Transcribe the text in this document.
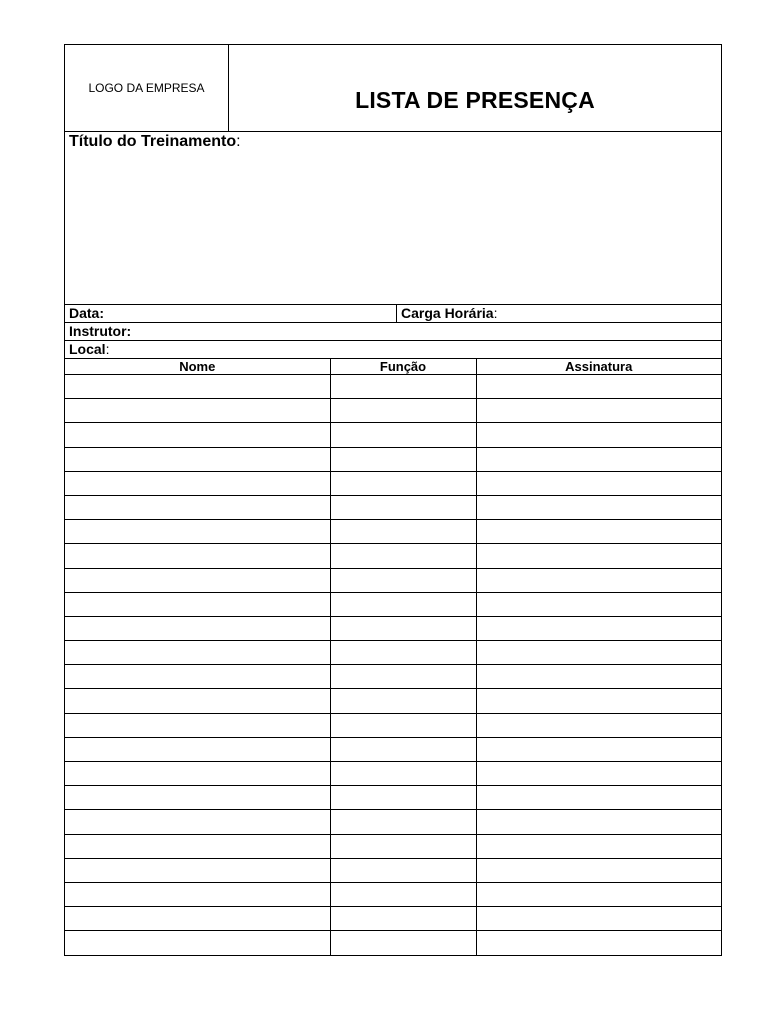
LOGO DA EMPRESA	LISTA DE PRESENÇA
Título do Treinamento:
Data:	Carga Horária:
Instrutor:
Local:
Nome	Função	Assinatura
